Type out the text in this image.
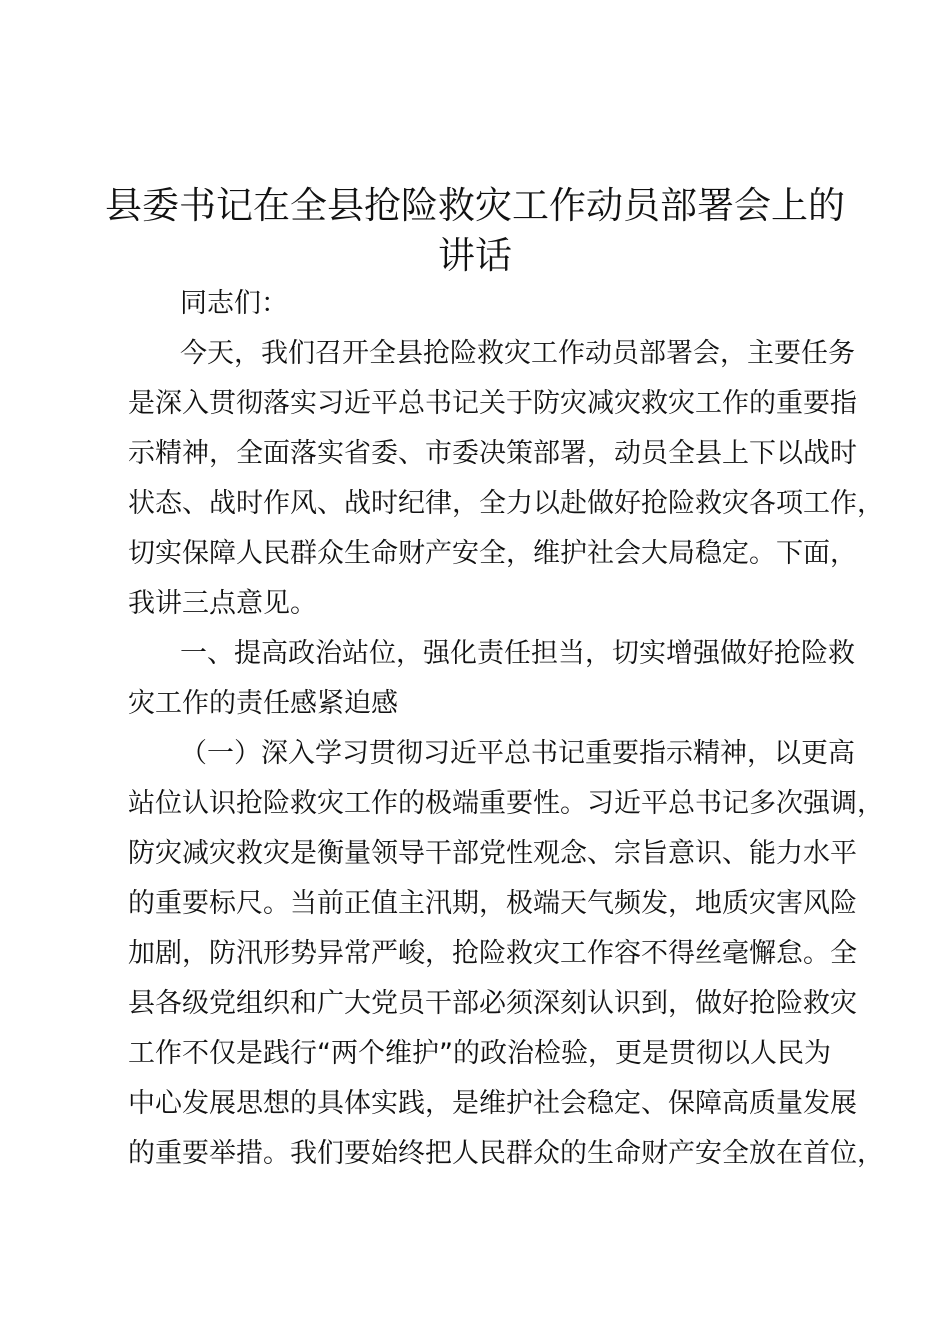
县委书记在全县抢险救灾工作动员部署会上的
讲话

同志们：

今天，我们召开全县抢险救灾工作动员部署会，主要任务

是深入贯彻落实习近平总书记关于防灾减灾救灾工作的重要指

示精神，全面落实省委、市委决策部署，动员全县上下以战时

状态、战时作风、战时纪律，全力以赴做好抢险救灾各项工作，

切实保障人民群众生命财产安全，维护社会大局稳定。下面，

我讲三点意见。

一、提高政治站位，强化责任担当，切实增强做好抢险救

灾工作的责任感紧迫感

（一）深入学习贯彻习近平总书记重要指示精神，以更高

站位认识抢险救灾工作的极端重要性。习近平总书记多次强调，

防灾减灾救灾是衡量领导干部党性观念、宗旨意识、能力水平

的重要标尺。当前正值主汛期，极端天气频发，地质灾害风险

加剧，防汛形势异常严峻，抢险救灾工作容不得丝毫懈怠。全

县各级党组织和广大党员干部必须深刻认识到，做好抢险救灾

工作不仅是践行“两个维护”的政治检验，更是贯彻以人民为

中心发展思想的具体实践，是维护社会稳定、保障高质量发展

的重要举措。我们要始终把人民群众的生命财产安全放在首位，
